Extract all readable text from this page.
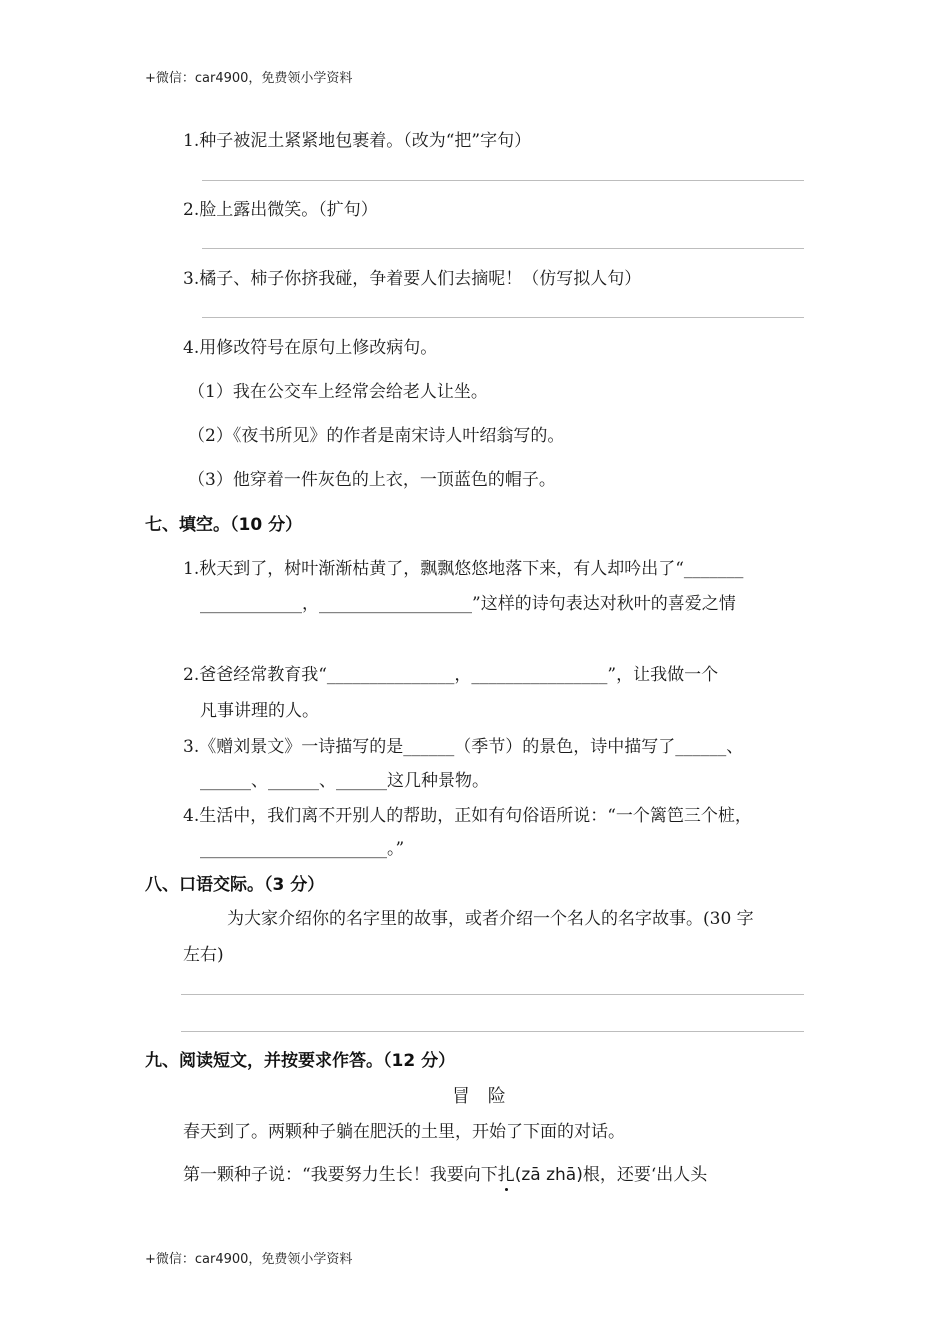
+微信：car4900，免费领小学资料
1.种子被泥土紧紧地包裹着。（改为“把”字句）
2.脸上露出微笑。（扩句）
3.橘子、柿子你挤我碰，争着要人们去摘呢！（仿写拟人句）
4.用修改符号在原句上修改病句。
（1）我在公交车上经常会给老人让坐。
（2）《夜书所见》的作者是南宋诗人叶绍翁写的。
（3）他穿着一件灰色的上衣，一顶蓝色的帽子。
七、填空。（10 分）
1.秋天到了，树叶渐渐枯黄了，飘飘悠悠地落下来，有人却吟出了“_______
____________，__________________”这样的诗句表达对秋叶的喜爱之情
2.爸爸经常教育我“_______________，________________”，让我做一个
凡事讲理的人。
3.《赠刘景文》一诗描写的是______（季节）的景色，诗中描写了______、
______、______、______这几种景物。
4.生活中，我们离不开别人的帮助，正如有句俗语所说：“一个篱笆三个桩，
______________________。”
八、口语交际。（3 分）
为大家介绍你的名字里的故事，或者介绍一个名人的名字故事。(30 字
左右)
九、阅读短文，并按要求作答。（12 分）
冒 险
春天到了。两颗种子躺在肥沃的土里，开始了下面的对话。
第一颗种子说：“我要努力生长！我要向下扎(zā zhā)根，还要‘出人头
+微信：car4900，免费领小学资料
